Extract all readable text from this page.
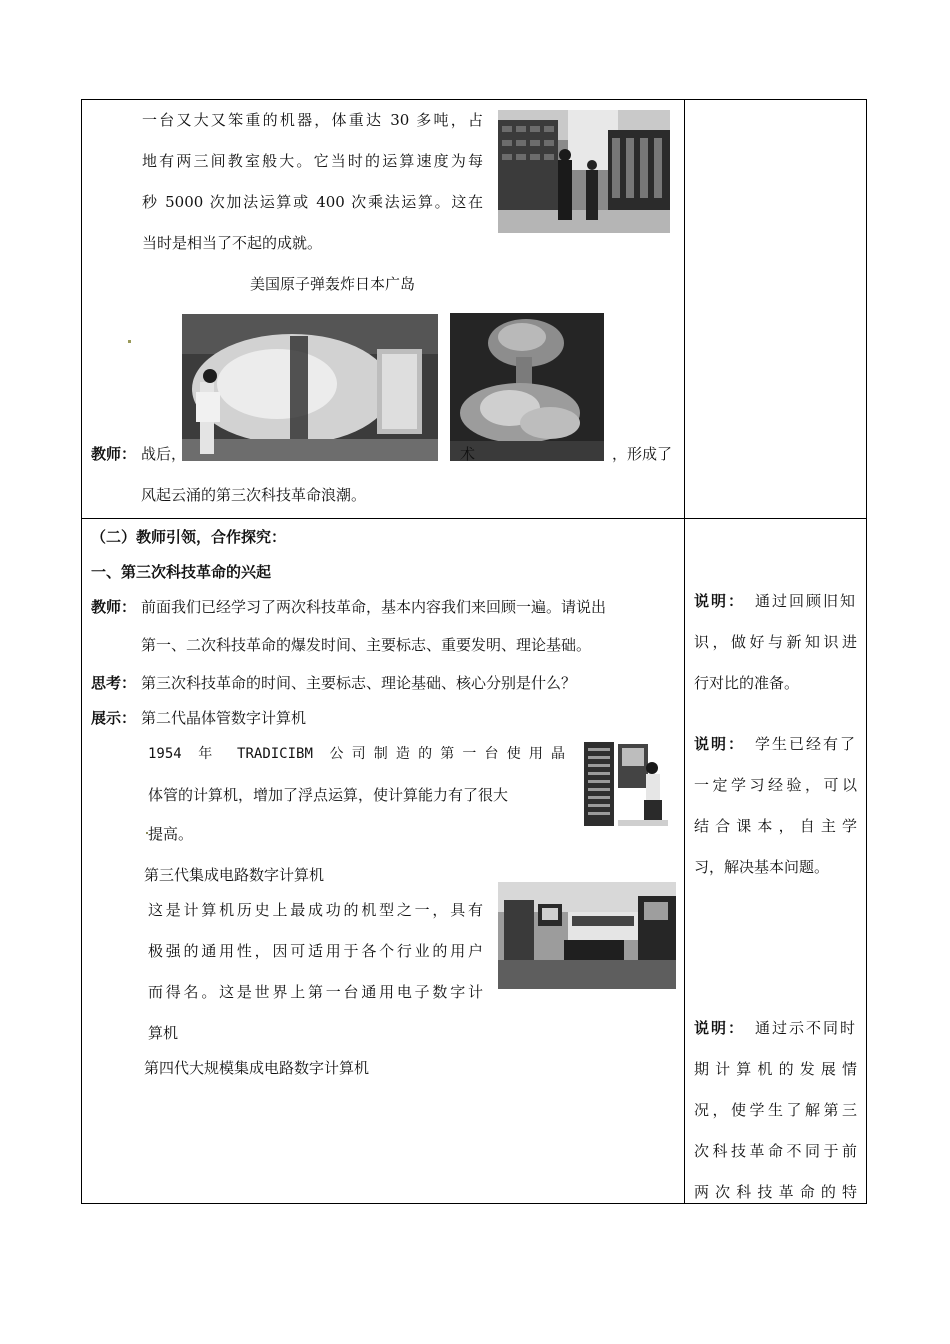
一台又大又笨重的机器，体重达 30 多吨，占
地有两三间教室般大。它当时的运算速度为每
秒 5000 次加法运算或 400 次乘法运算。这在
当时是相当了不起的成就。
美国原子弹轰炸日本广岛
教师： 战后，	术	，形成了
风起云涌的第三次科技革命浪潮。
（二）教师引领，合作探究：
一、第三次科技革命的兴起
教师： 前面我们已经学习了两次科技革命，基本内容我们来回顾一遍。请说出
第一、二次科技革命的爆发时间、主要标志、重要发明、理论基础。
思考： 第三次科技革命的时间、主要标志、理论基础、核心分别是什么？
展示： 第二代晶体管数字计算机
1954 年 TRADICIBM 公司制造的第一台使用晶
体管的计算机，增加了浮点运算，使计算能力有了很大
提高。
第三代集成电路数字计算机
这是计算机历史上最成功的机型之一，具有
极强的通用性，因可适用于各个行业的用户
而得名。这是世界上第一台通用电子数字计
算机
第四代大规模集成电路数字计算机
说明： 通过回顾旧知
识，做好与新知识进
行对比的准备。
说明： 学生已经有了
一定学习经验，可以
结合课本，自主学
习，解决基本问题。
说明： 通过示不同时
期计算机的发展情
况，使学生了解第三
次科技革命不同于前
两次科技革命的特
